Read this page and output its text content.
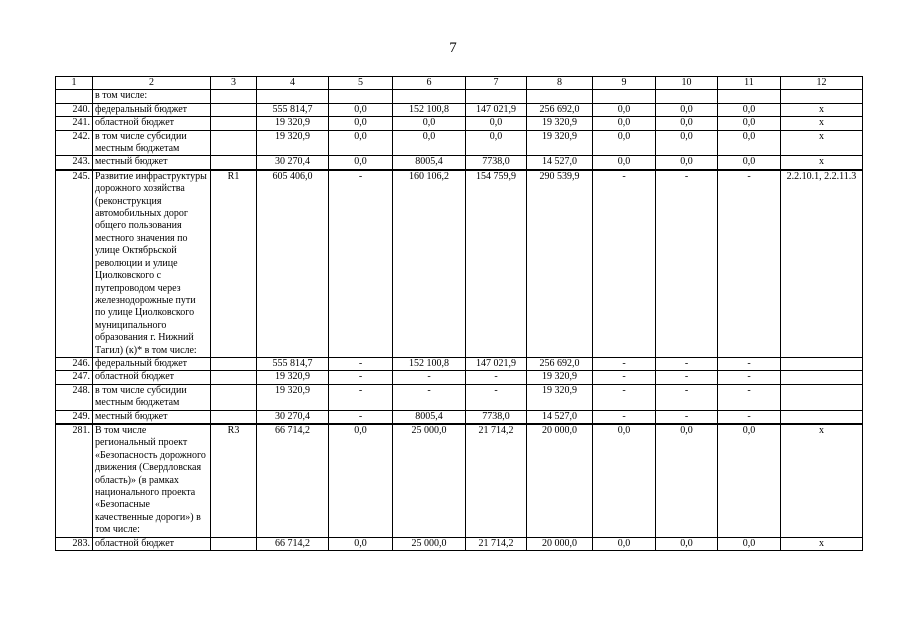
7
1	2	3	4	5	6	7	8	9	10	11	12
	в том числе:										
240.	федеральный бюджет		555 814,7	0,0	152 100,8	147 021,9	256 692,0	0,0	0,0	0,0	х
241.	областной бюджет		19 320,9	0,0	0,0	0,0	19 320,9	0,0	0,0	0,0	х
242.	в том числе субсидии местным бюджетам		19 320,9	0,0	0,0	0,0	19 320,9	0,0	0,0	0,0	х
243.	местный бюджет		30 270,4	0,0	8005,4	7738,0	14 527,0	0,0	0,0	0,0	х
245.	Развитие инфраструктуры дорожного хозяйства (реконструкция автомобильных дорог общего пользования местного значения по улице Октябрьской революции и улице Циолковского с путепроводом через железнодорожные пути по улице Циолковского муниципального образования г. Нижний Тагил) (к)* в том числе:	R1	605 406,0	-	160 106,2	154 759,9	290 539,9	-	-	-	2.2.10.1, 2.2.11.3
246.	федеральный бюджет		555 814,7	-	152 100,8	147 021,9	256 692,0	-	-	-	
247.	областной бюджет		19 320,9	-	-	-	19 320,9	-	-	-	
248.	в том числе субсидии местным бюджетам		19 320,9	-	-	-	19 320,9	-	-	-	
249.	местный бюджет		30 270,4	-	8005,4	7738,0	14 527,0	-	-	-	
281.	В том числе региональный проект «Безопасность дорожного движения (Свердловская область)» (в рамках национального проекта «Безопасные качественные дороги») в том числе:	R3	66 714,2	0,0	25 000,0	21 714,2	20 000,0	0,0	0,0	0,0	х
283.	областной бюджет		66 714,2	0,0	25 000,0	21 714,2	20 000,0	0,0	0,0	0,0	х
